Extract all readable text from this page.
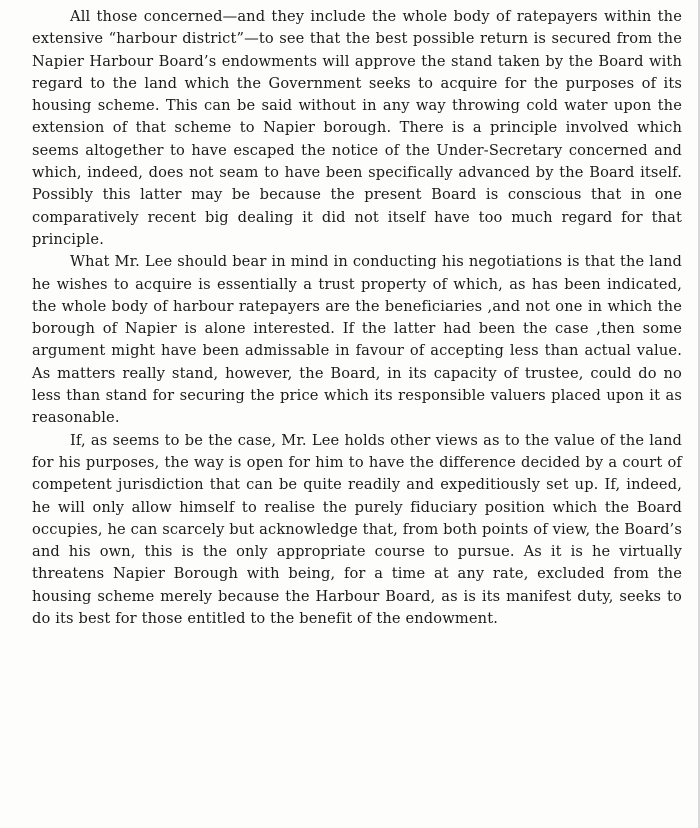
All those concerned—and they include the whole body of ratepayers within the extensive “harbour district”—to see that the best possible return is secured from the Napier Harbour Board’s endowments will approve the stand taken by the Board with regard to the land which the Government seeks to acquire for the purposes of its housing scheme. This can be said without in any way throwing cold water upon the extension of that scheme to Napier borough. There is a principle involved which seems altogether to have escaped the notice of the Under-Secretary concerned and which, indeed, does not seam to have been specifically advanced by the Board itself. Possibly this latter may be because the present Board is conscious that in one comparatively recent big dealing it did not itself have too much regard for that principle.

What Mr. Lee should bear in mind in conducting his negotiations is that the land he wishes to acquire is essentially a trust property of which, as has been indicated, the whole body of harbour ratepayers are the beneficiaries ,and not one in which the borough of Napier is alone interested. If the latter had been the case ,then some argument might have been admissable in favour of accepting less than actual value. As matters really stand, however, the Board, in its capacity of trustee, could do no less than stand for securing the price which its responsible valuers placed upon it as reasonable.

If, as seems to be the case, Mr. Lee holds other views as to the value of the land for his purposes, the way is open for him to have the difference decided by a court of competent jurisdiction that can be quite readily and expeditiously set up. If, indeed, he will only allow himself to realise the purely fiduciary position which the Board occupies, he can scarcely but acknowledge that, from both points of view, the Board’s and his own, this is the only appropriate course to pursue. As it is he virtually threatens Napier Borough with being, for a time at any rate, excluded from the housing scheme merely because the Harbour Board, as is its manifest duty, seeks to do its best for those entitled to the benefit of the endowment.
